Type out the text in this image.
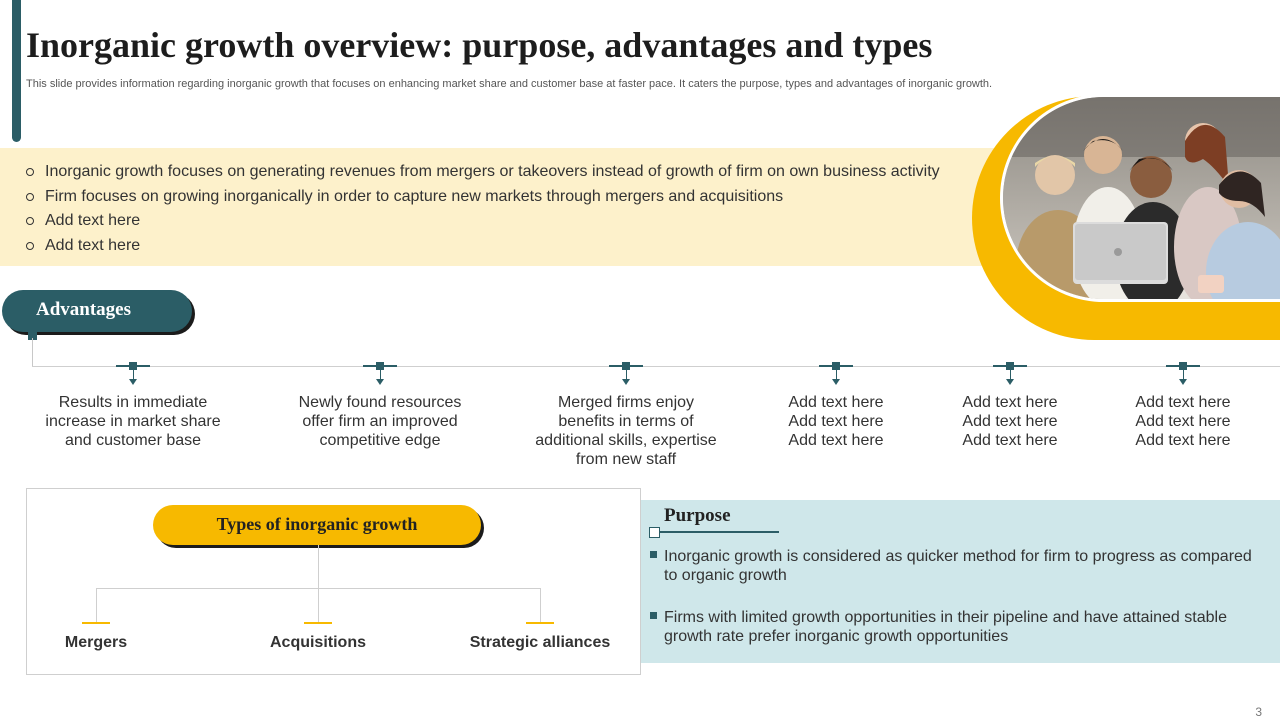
Inorganic growth overview: purpose, advantages and types

This slide provides information regarding inorganic growth that focuses on enhancing market share and customer base at faster pace. It caters the purpose, types and advantages of inorganic growth.

Inorganic growth focuses on generating revenues from mergers or takeovers instead of growth of firm on own business activity
Firm focuses on growing inorganically in order to capture new markets through mergers and acquisitions
Add text here
Add text here
Advantages
Results in immediate
increase in market share
and customer base
Newly found resources
offer firm an improved
competitive edge
Merged firms enjoy
benefits in terms of
additional skills, expertise
from new staff
Add text here
Add text here
Add text here
Add text here
Add text here
Add text here
Add text here
Add text here
Add text here
Types of inorganic growth
Mergers	Acquisitions	Strategic alliances
Purpose
Inorganic growth is considered as quicker method for firm to progress as compared
to organic growth
Firms with limited growth opportunities in their pipeline and have attained stable
growth rate prefer inorganic growth opportunities
3
